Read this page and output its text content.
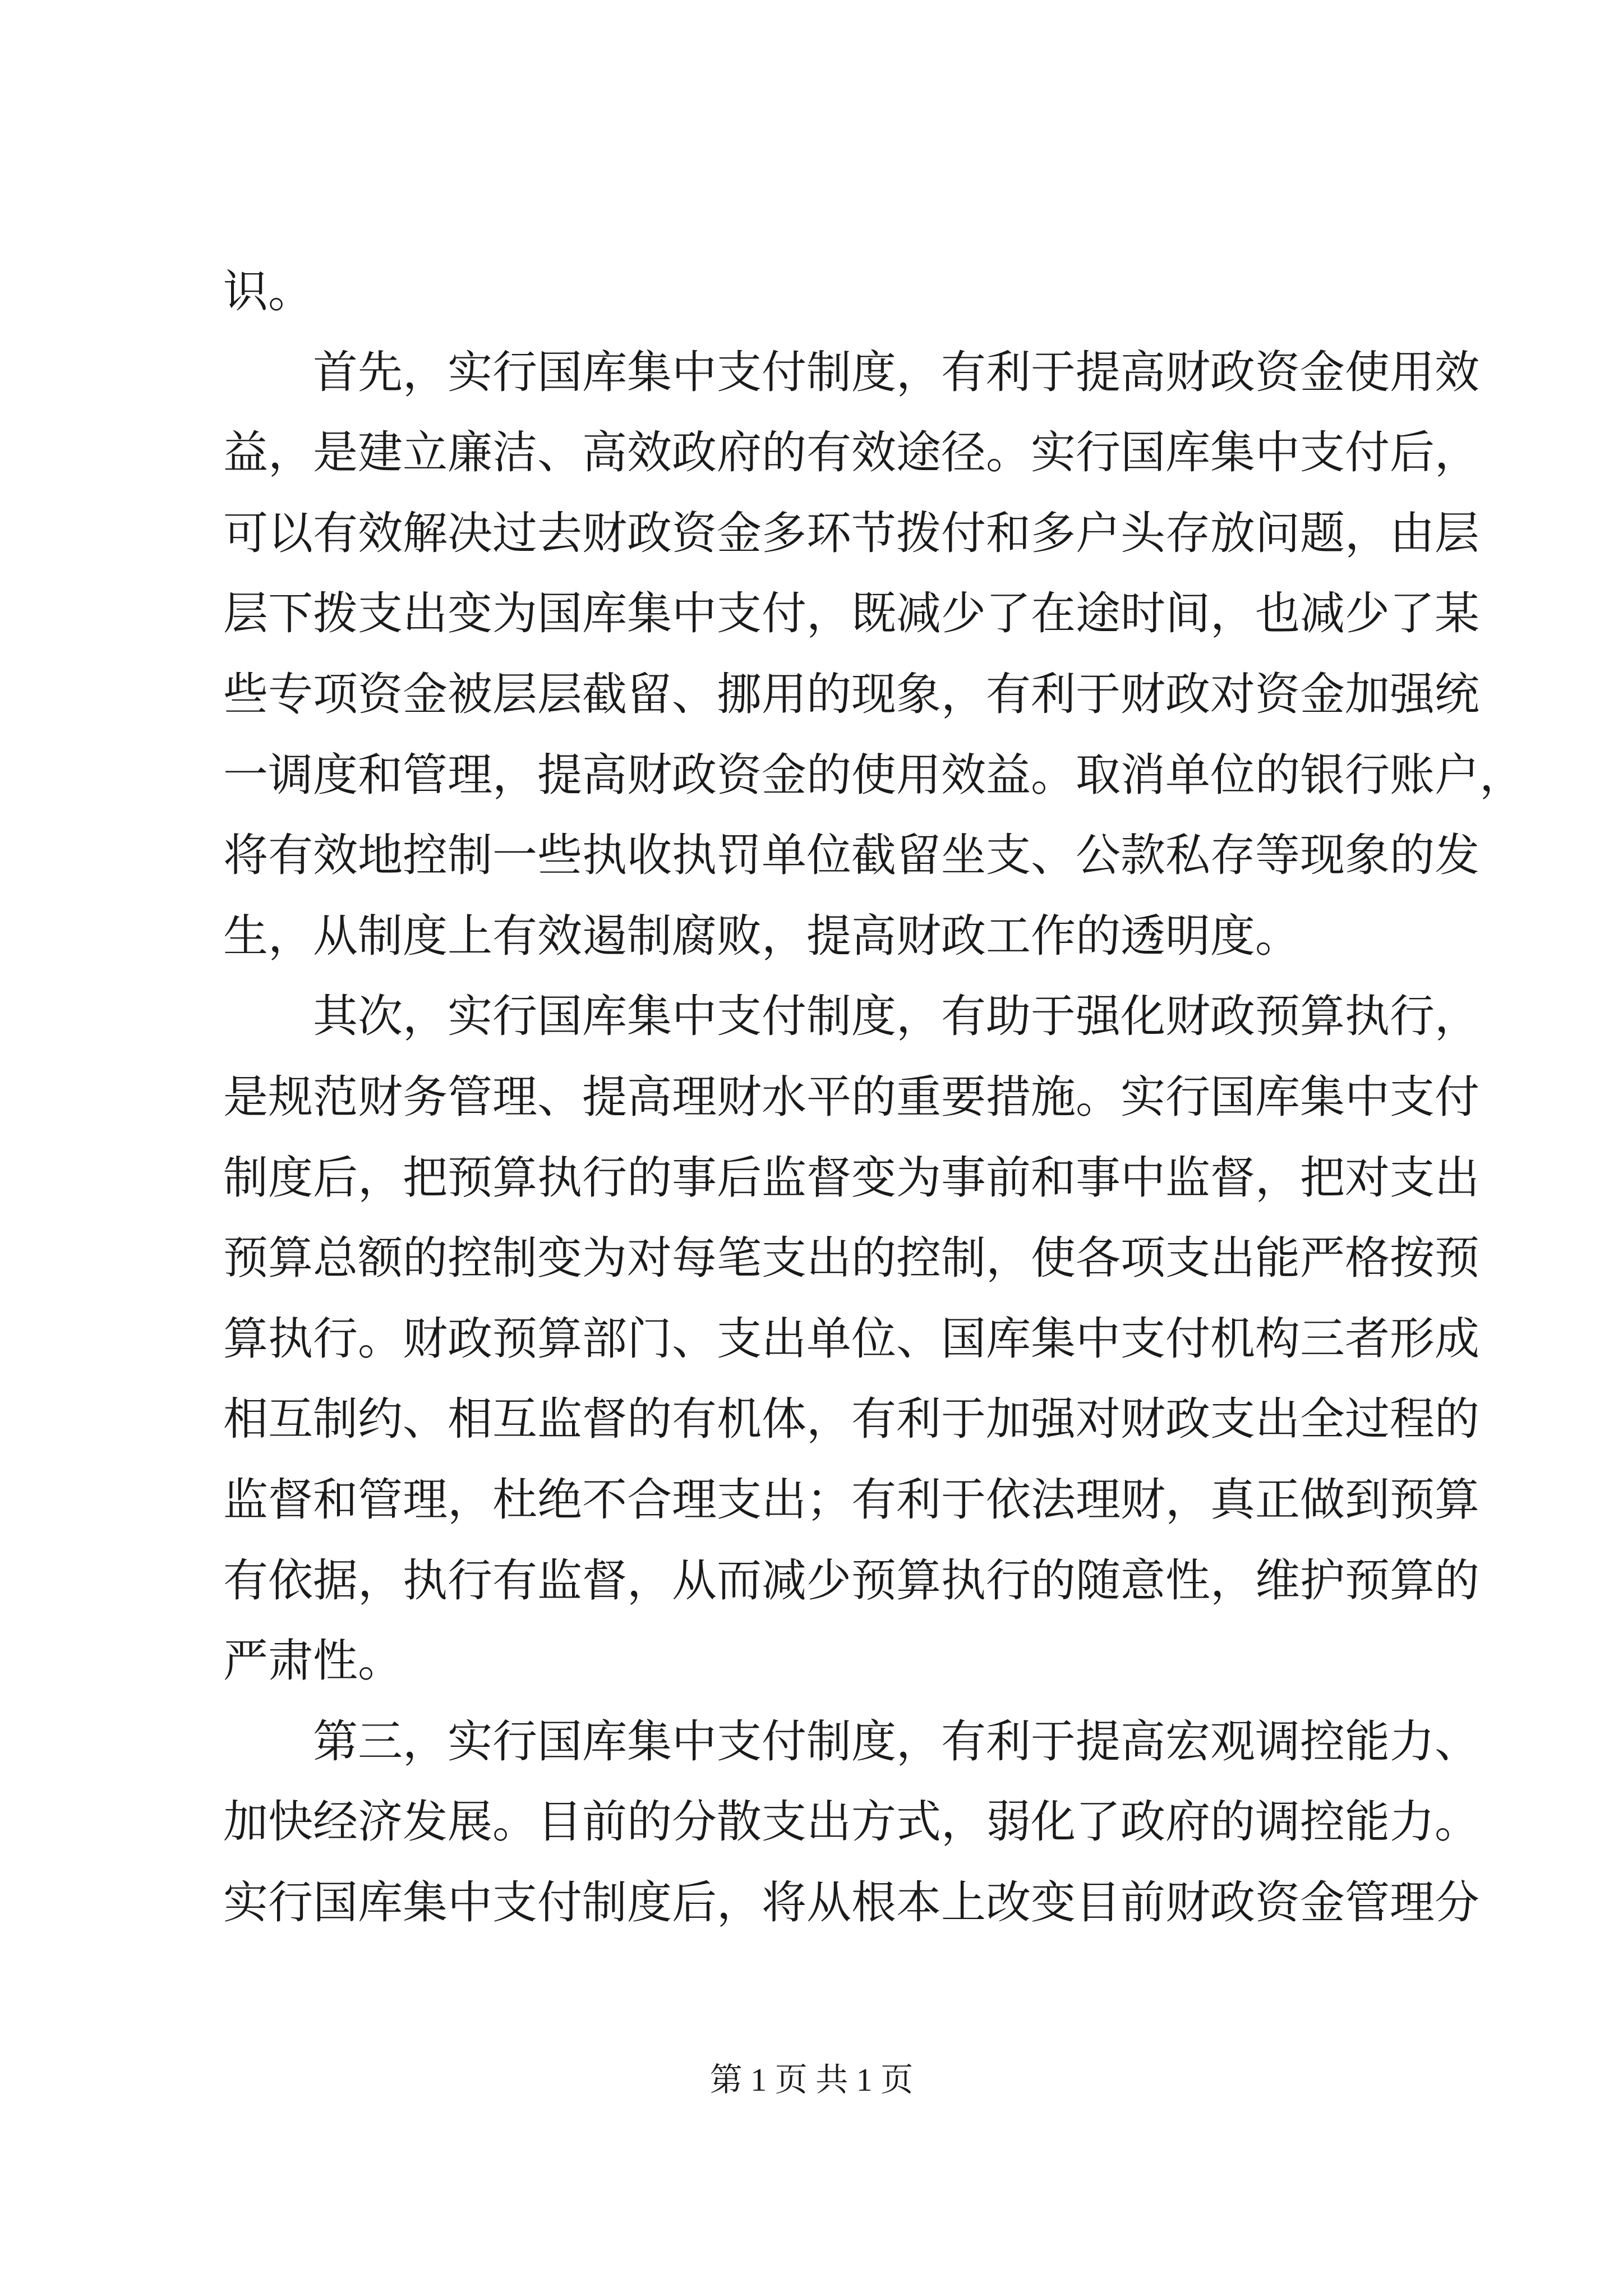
识。
首先，实行国库集中支付制度，有利于提高财政资金使用效
益，是建立廉洁、高效政府的有效途径。实行国库集中支付后，
可以有效解决过去财政资金多环节拨付和多户头存放问题，由层
层下拨支出变为国库集中支付，既减少了在途时间，也减少了某
些专项资金被层层截留、挪用的现象，有利于财政对资金加强统
一调度和管理，提高财政资金的使用效益。取消单位的银行账户，
将有效地控制一些执收执罚单位截留坐支、公款私存等现象的发
生，从制度上有效遏制腐败，提高财政工作的透明度。
其次，实行国库集中支付制度，有助于强化财政预算执行，
是规范财务管理、提高理财水平的重要措施。实行国库集中支付
制度后，把预算执行的事后监督变为事前和事中监督，把对支出
预算总额的控制变为对每笔支出的控制，使各项支出能严格按预
算执行。财政预算部门、支出单位、国库集中支付机构三者形成
相互制约、相互监督的有机体，有利于加强对财政支出全过程的
监督和管理，杜绝不合理支出；有利于依法理财，真正做到预算
有依据，执行有监督，从而减少预算执行的随意性，维护预算的
严肃性。
第三，实行国库集中支付制度，有利于提高宏观调控能力、
加快经济发展。目前的分散支出方式，弱化了政府的调控能力。
实行国库集中支付制度后，将从根本上改变目前财政资金管理分
第 1 页 共 1 页
